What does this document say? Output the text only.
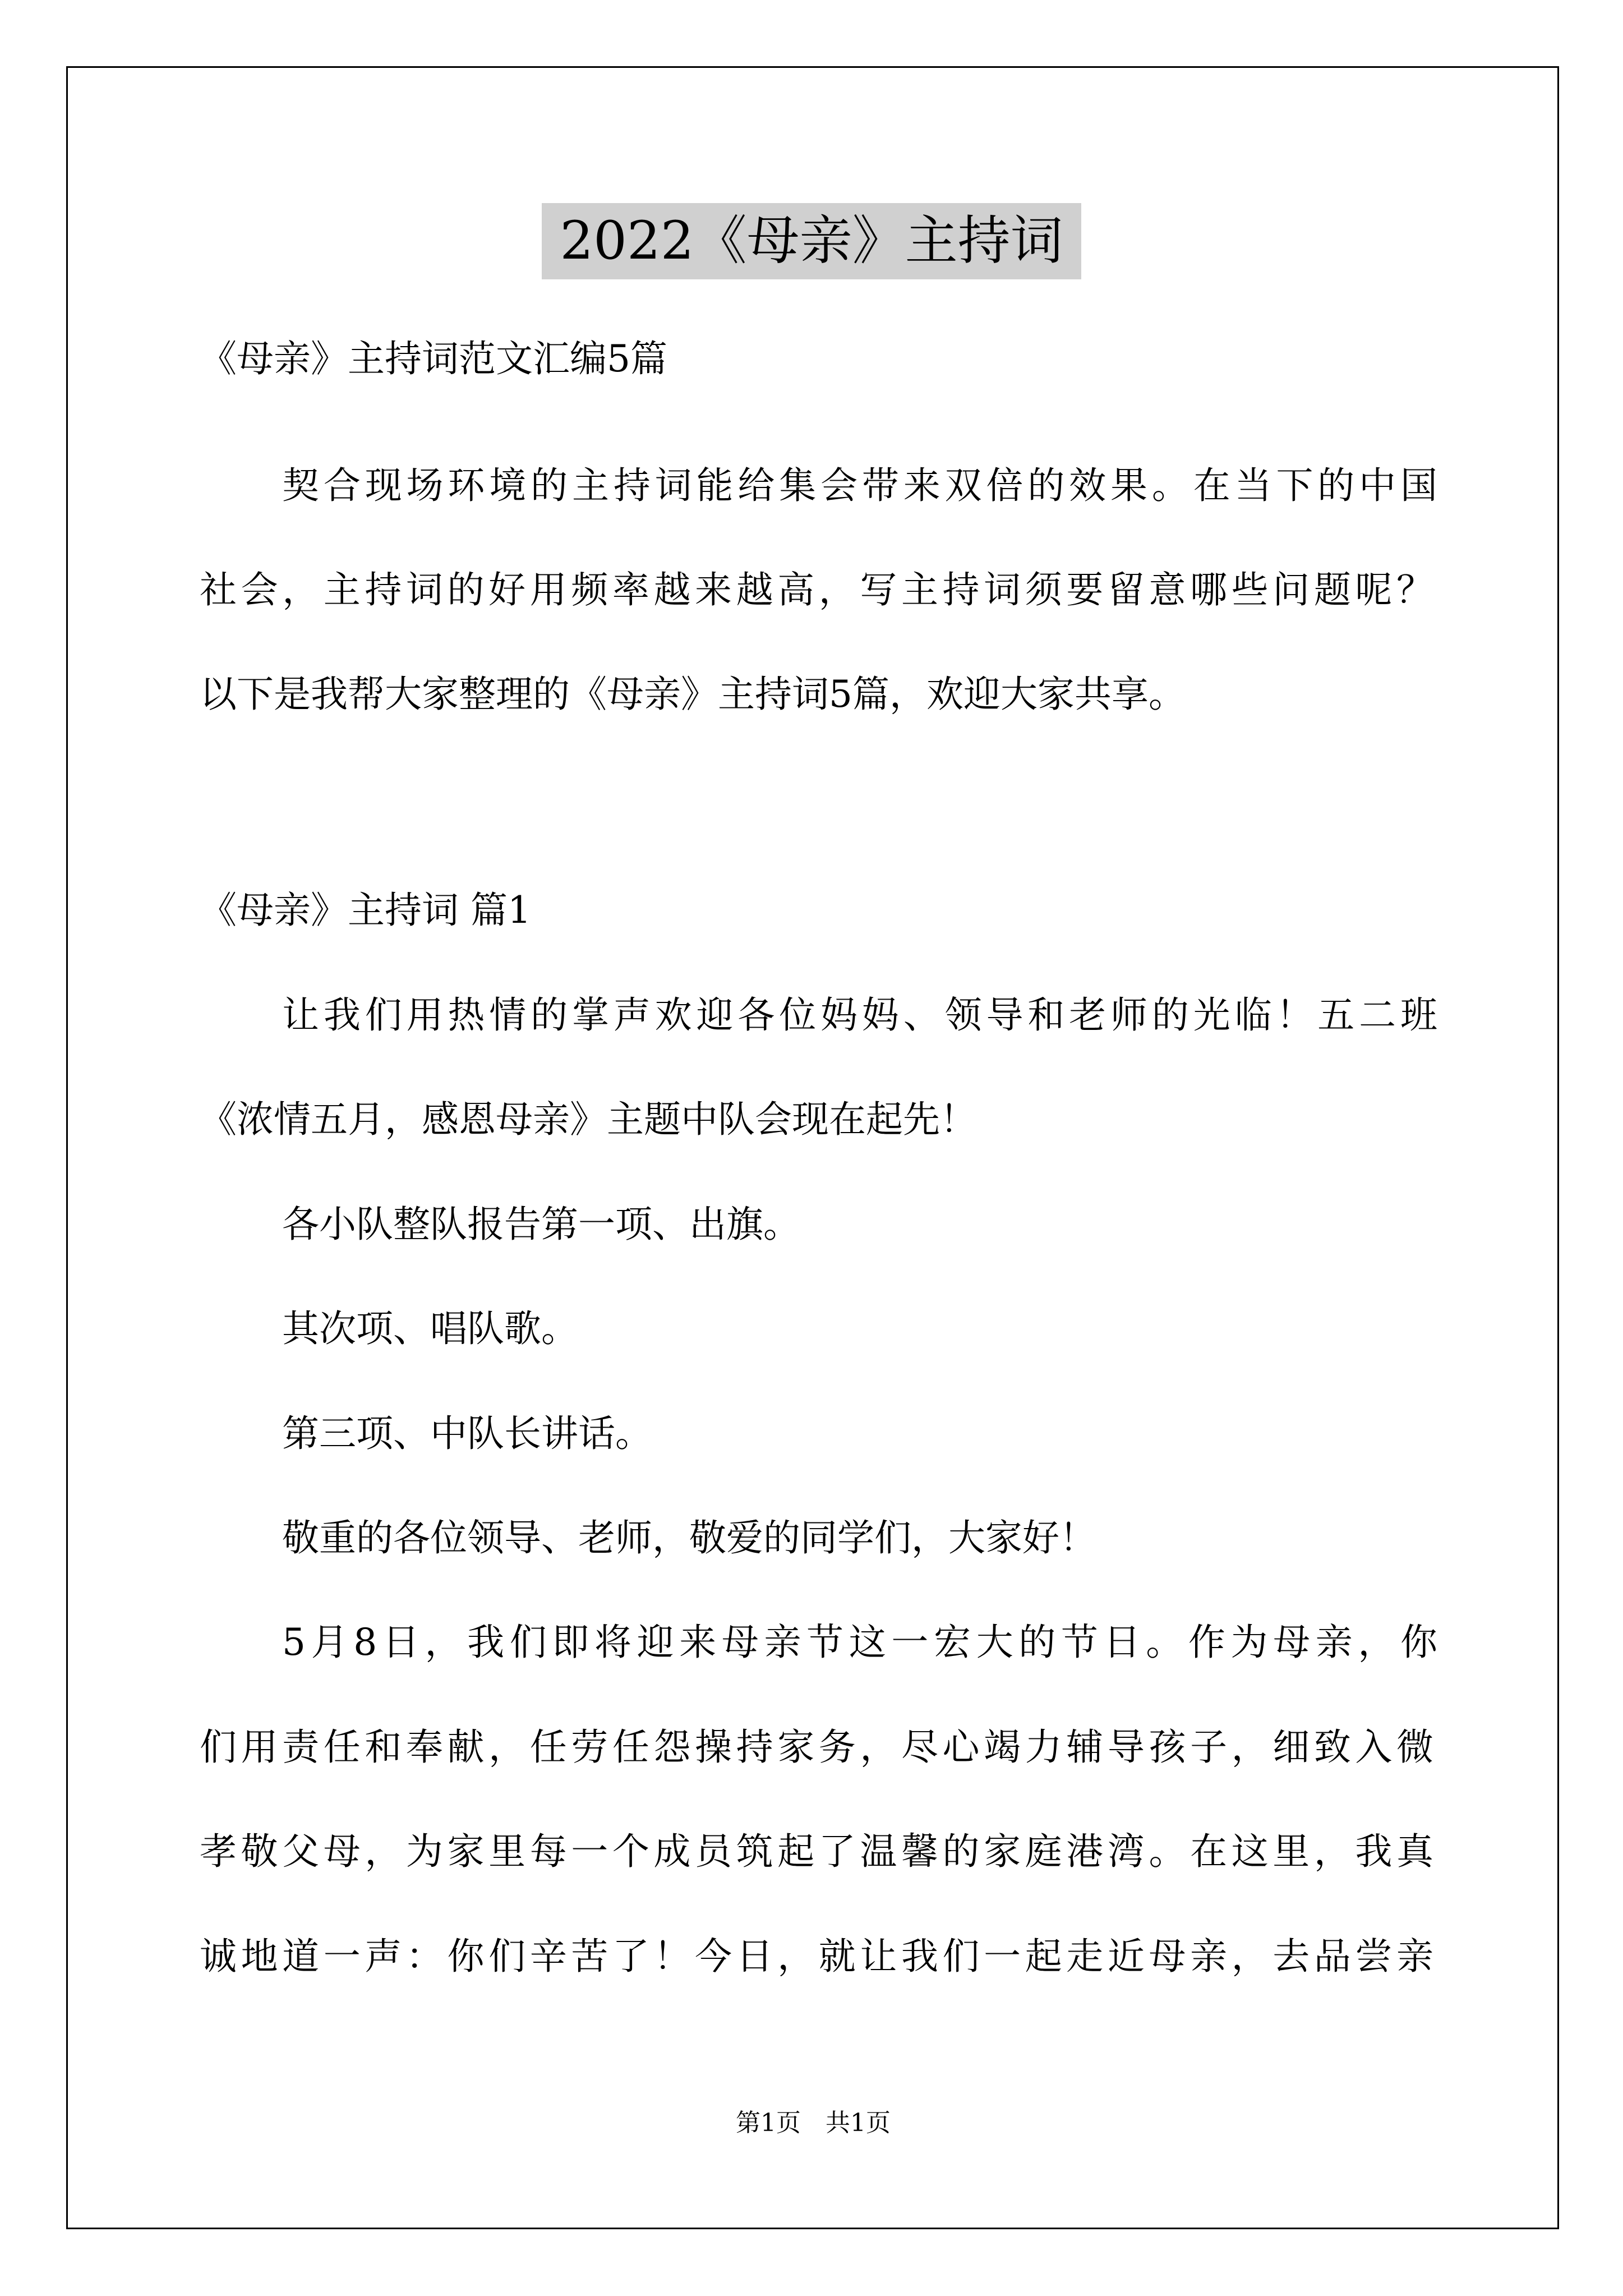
2022《母亲》主持词

《母亲》主持词范文汇编5篇

契合现场环境的主持词能给集会带来双倍的效果。在当下的中国

社会，主持词的好用频率越来越高，写主持词须要留意哪些问题呢？

以下是我帮大家整理的《母亲》主持词5篇，欢迎大家共享。

《母亲》主持词 篇1

让我们用热情的掌声欢迎各位妈妈、领导和老师的光临！五二班

《浓情五月，感恩母亲》主题中队会现在起先！

各小队整队报告第一项、出旗。

其次项、唱队歌。

第三项、中队长讲话。

敬重的各位领导、老师，敬爱的同学们，大家好！

5月8日，我们即将迎来母亲节这一宏大的节日。作为母亲，你

们用责任和奉献，任劳任怨操持家务，尽心竭力辅导孩子，细致入微

孝敬父母，为家里每一个成员筑起了温馨的家庭港湾。在这里，我真

诚地道一声：你们辛苦了！今日，就让我们一起走近母亲，去品尝亲

第1页　共1页
